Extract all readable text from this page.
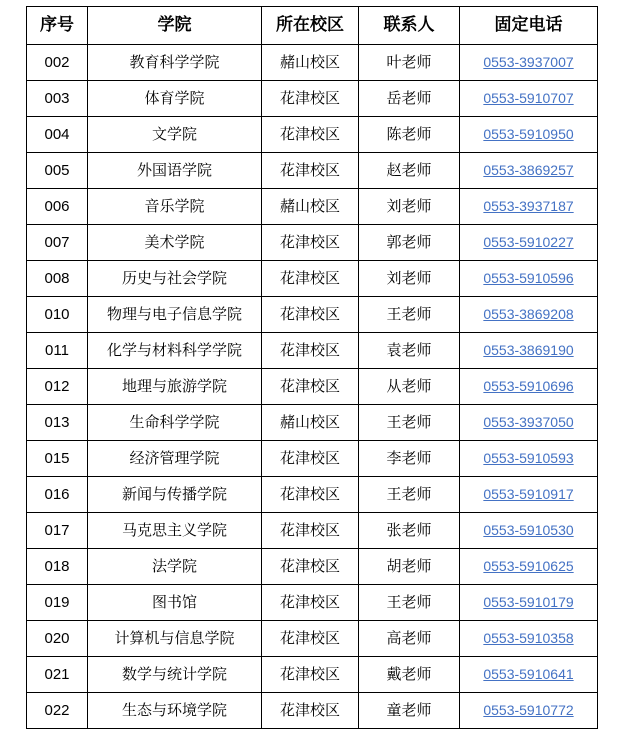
序号	学院	所在校区	联系人	固定电话
002	教育科学学院	赭山校区	叶老师	0553-3937007
003	体育学院	花津校区	岳老师	0553-5910707
004	文学院	花津校区	陈老师	0553-5910950
005	外国语学院	花津校区	赵老师	0553-3869257
006	音乐学院	赭山校区	刘老师	0553-3937187
007	美术学院	花津校区	郭老师	0553-5910227
008	历史与社会学院	花津校区	刘老师	0553-5910596
010	物理与电子信息学院	花津校区	王老师	0553-3869208
011	化学与材料科学学院	花津校区	袁老师	0553-3869190
012	地理与旅游学院	花津校区	从老师	0553-5910696
013	生命科学学院	赭山校区	王老师	0553-3937050
015	经济管理学院	花津校区	李老师	0553-5910593
016	新闻与传播学院	花津校区	王老师	0553-5910917
017	马克思主义学院	花津校区	张老师	0553-5910530
018	法学院	花津校区	胡老师	0553-5910625
019	图书馆	花津校区	王老师	0553-5910179
020	计算机与信息学院	花津校区	高老师	0553-5910358
021	数学与统计学院	花津校区	戴老师	0553-5910641
022	生态与环境学院	花津校区	童老师	0553-5910772
